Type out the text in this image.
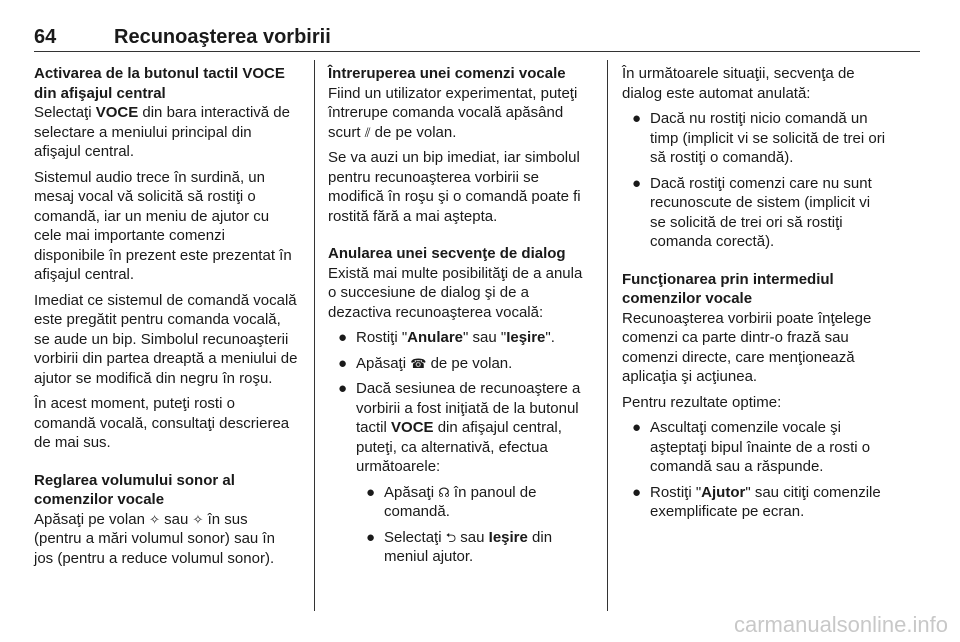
64	Recunoaşterea vorbirii

Activarea de la butonul tactil VOCE din afişajul central

Selectaţi VOCE din bara interactivă de selectare a meniului principal din afişajul central.

Sistemul audio trece în surdină, un mesaj vocal vă solicită să rostiţi o comandă, iar un meniu de ajutor cu cele mai importante comenzi disponibile în prezent este prezentat în afişajul central.

Imediat ce sistemul de comandă vocală este pregătit pentru comanda vocală, se aude un bip. Simbolul recunoaşterii vorbirii din partea dreaptă a meniului de ajutor se modifică din negru în roşu.

În acest moment, puteţi rosti o comandă vocală, consultaţi descrierea de mai sus.

Reglarea volumului sonor al comenzilor vocale

Apăsaţi pe volan ✧ sau ✧ în sus (pentru a mări volumul sonor) sau în jos (pentru a reduce volumul sonor).

Întreruperea unei comenzi vocale

Fiind un utilizator experimentat, puteţi întrerupe comanda vocală apăsând scurt ⫽ de pe volan.

Se va auzi un bip imediat, iar simbolul pentru recunoaşterea vorbirii se modifică în roşu şi o comandă poate fi rostită fără a mai aştepta.

Anularea unei secvenţe de dialog

Există mai multe posibilităţi de a anula o succesiune de dialog şi de a dezactiva recunoaşterea vocală:

● Rostiţi "Anulare" sau "Ieşire".
● Apăsaţi ☎ de pe volan.
● Dacă sesiunea de recunoaştere a vorbirii a fost iniţiată de la butonul tactil VOCE din afişajul central, puteţi, ca alternativă, efectua următoarele:
● Apăsaţi ☊ în panoul de comandă.
● Selectaţi ⮌ sau Ieşire din meniul ajutor.

În următoarele situaţii, secvenţa de dialog este automat anulată:

● Dacă nu rostiţi nicio comandă un timp (implicit vi se solicită de trei ori să rostiţi o comandă).
● Dacă rostiţi comenzi care nu sunt recunoscute de sistem (implicit vi se solicită de trei ori să rostiţi comanda corectă).

Funcţionarea prin intermediul comenzilor vocale

Recunoaşterea vorbirii poate înţelege comenzi ca parte dintr-o frază sau comenzi directe, care menţionează aplicaţia şi acţiunea.

Pentru rezultate optime:

● Ascultaţi comenzile vocale şi aşteptaţi bipul înainte de a rosti o comandă sau a răspunde.
● Rostiţi "Ajutor" sau citiţi comenzile exemplificate pe ecran.
carmanualsonline.info
